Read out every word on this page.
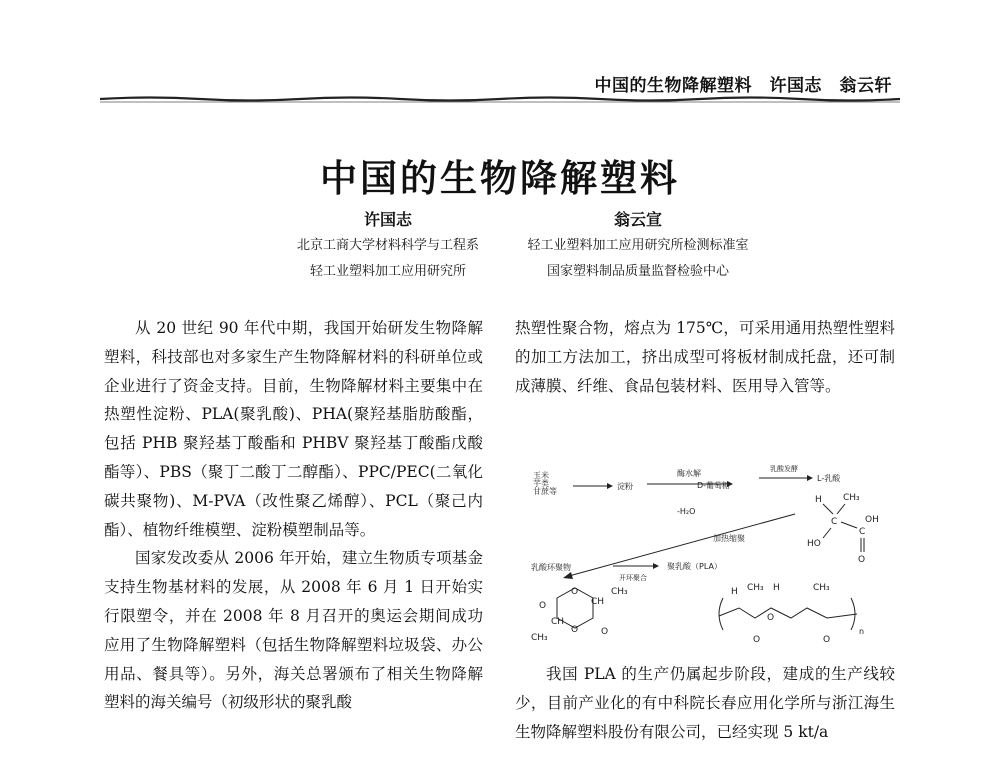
中国的生物降解塑料　许国志　翁云轩
中国的生物降解塑料
许国志
北京工商大学材料科学与工程系
轻工业塑料加工应用研究所
翁云宣
轻工业塑料加工应用研究所检测标准室
国家塑料制品质量监督检验中心

从 20 世纪 90 年代中期，我国开始研发生物降解塑料，科技部也对多家生产生物降解材料的科研单位或企业进行了资金支持。目前，生物降解材料主要集中在热塑性淀粉、PLA(聚乳酸)、PHA(聚羟基脂肪酸酯，包括 PHB 聚羟基丁酸酯和 PHBV 聚羟基丁酸酯戊酸酯等）、PBS（聚丁二酸丁二醇酯）、PPC/PEC(二氧化碳共聚物)、M-PVA（改性聚乙烯醇）、PCL（聚己内酯）、植物纤维模塑、淀粉模塑制品等。

国家发改委从 2006 年开始，建立生物质专项基金支持生物基材料的发展，从 2008 年 6 月 1 日开始实行限塑令，并在 2008 年 8 月召开的奥运会期间成功应用了生物降解塑料（包括生物降解塑料垃圾袋、办公用品、餐具等）。另外，海关总署颁布了相关生物降解塑料的海关编号（初级形状的聚乳酸

热塑性聚合物，熔点为 175℃，可采用通用热塑性塑料的加工方法加工，挤出成型可将板材制成托盘，还可制成薄膜、纤维、食品包装材料、医用导入管等。

玉米
芋类
甘蔗等
淀粉
酶水解
D-葡萄糖
乳酸发酵
L-乳酸
H CH₃
C
C
OH
O
HO
-H₂O
加热缩聚
乳酸环聚物
开环聚合
聚乳酸（PLA）
O
O
CH
CH₃
CH
O	O
CH₃
H CH₃ H	CH₃
O
O	O
n

我国 PLA 的生产仍属起步阶段，建成的生产线较少，目前产业化的有中科院长春应用化学所与浙江海生生物降解塑料股份有限公司，已经实现 5 kt/a
